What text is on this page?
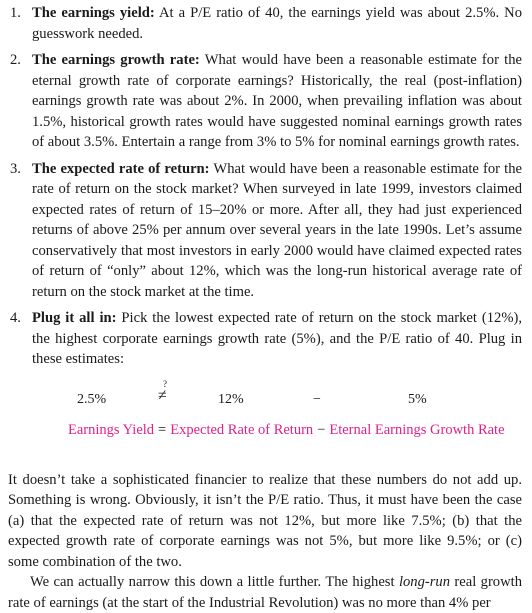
1. The earnings yield: At a P/E ratio of 40, the earnings yield was about 2.5%. No guesswork needed.
2. The earnings growth rate: What would have been a reasonable estimate for the eternal growth rate of corporate earnings? Historically, the real (post-inflation) earnings growth rate was about 2%. In 2000, when prevailing inflation was about 1.5%, historical growth rates would have suggested nominal earnings growth rates of about 3.5%. Entertain a range from 3% to 5% for nominal earnings growth rates.
3. The expected rate of return: What would have been a reasonable estimate for the rate of return on the stock market? When surveyed in late 1999, investors claimed expected rates of return of 15–20% or more. After all, they had just experienced returns of above 25% per annum over several years in the late 1990s. Let’s assume conservatively that most investors in early 2000 would have claimed expected rates of return of “only” about 12%, which was the long-run historical average rate of return on the stock market at the time.
4. Plug it all in: Pick the lowest expected rate of return on the stock market (12%), the highest corporate earnings growth rate (5%), and the P/E ratio of 40. Plug in these estimates:
2.5%
?
≠	12%	−	5%
Earnings Yield = Expected Rate of Return − Eternal Earnings Growth Rate

It doesn’t take a sophisticated financier to realize that these numbers do not add up. Something is wrong. Obviously, it isn’t the P/E ratio. Thus, it must have been the case (a) that the expected rate of return was not 12%, but more like 7.5%; (b) that the expected growth rate of corporate earnings was not 5%, but more like 9.5%; or (c) some combination of the two.

We can actually narrow this down a little further. The highest long-run real growth rate of earnings (at the start of the Industrial Revolution) was no more than 4% per
